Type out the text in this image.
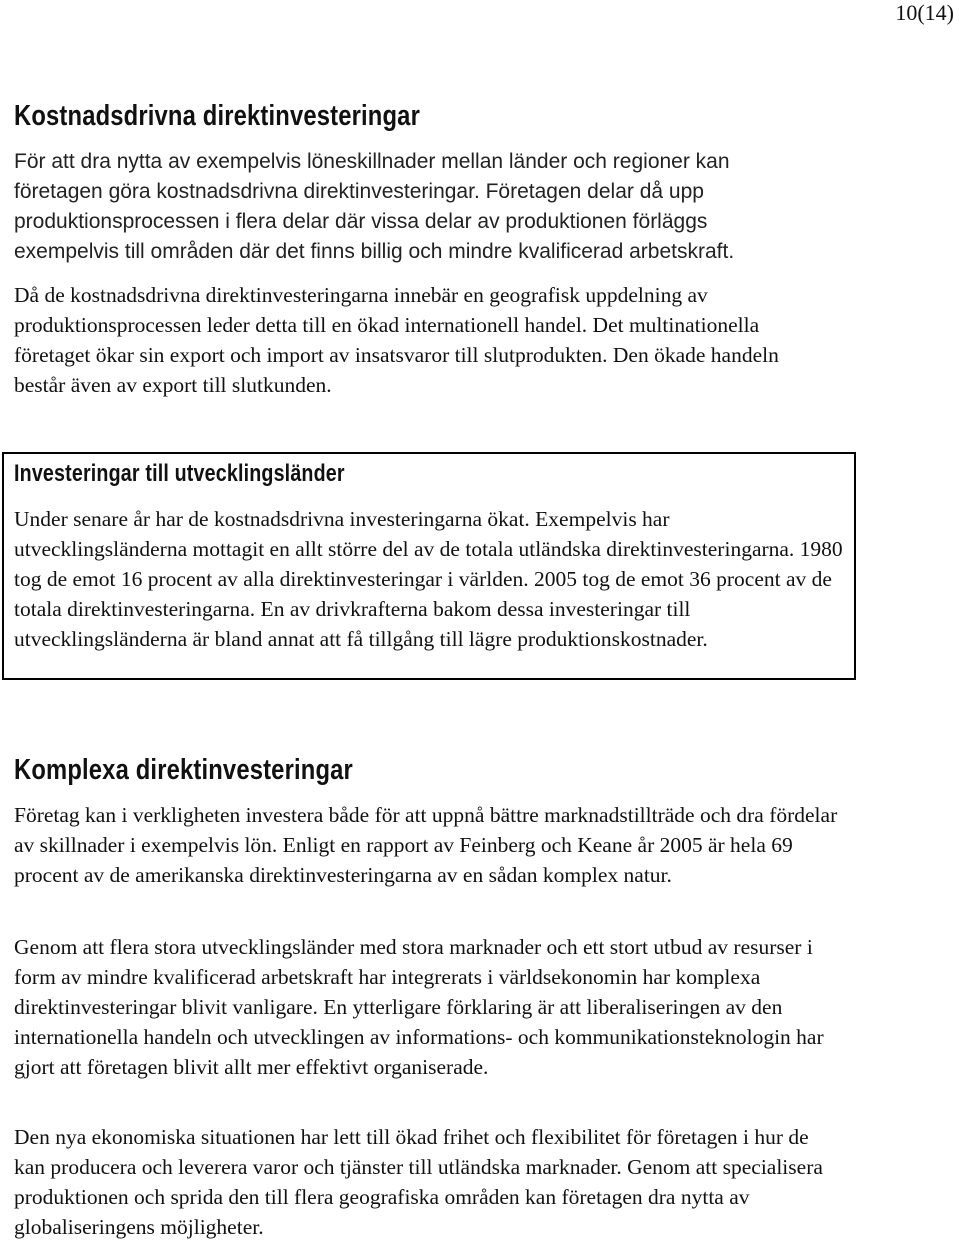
10(14)
Kostnadsdrivna direktinvesteringar

För att dra nytta av exempelvis löneskillnader mellan länder och regioner kan företagen göra kostnadsdrivna direktinvesteringar. Företagen delar då upp produktionsprocessen i flera delar där vissa delar av produktionen förläggs exempelvis till områden där det finns billig och mindre kvalificerad arbetskraft.

Då de kostnadsdrivna direktinvesteringarna innebär en geografisk uppdelning av produktionsprocessen leder detta till en ökad internationell handel. Det multinationella företaget ökar sin export och import av insatsvaror till slutprodukten. Den ökade handeln består även av export till slutkunden.

Investeringar till utvecklingsländer

Under senare år har de kostnadsdrivna investeringarna ökat. Exempelvis har utvecklingsländerna mottagit en allt större del av de totala utländska direktinvesteringarna. 1980 tog de emot 16 procent av alla direktinvesteringar i världen. 2005 tog de emot 36 procent av de totala direktinvesteringarna. En av drivkrafterna bakom dessa investeringar till utvecklingsländerna är bland annat att få tillgång till lägre produktionskostnader.

Komplexa direktinvesteringar

Företag kan i verkligheten investera både för att uppnå bättre marknadstillträde och dra fördelar av skillnader i exempelvis lön. Enligt en rapport av Feinberg och Keane år 2005 är hela 69 procent av de amerikanska direktinvesteringarna av en sådan komplex natur.

Genom att flera stora utvecklingsländer med stora marknader och ett stort utbud av resurser i form av mindre kvalificerad arbetskraft har integrerats i världsekonomin har komplexa direktinvesteringar blivit vanligare. En ytterligare förklaring är att liberaliseringen av den internationella handeln och utvecklingen av informations- och kommunikationsteknologin har gjort att företagen blivit allt mer effektivt organiserade.

Den nya ekonomiska situationen har lett till ökad frihet och flexibilitet för företagen i hur de kan producera och leverera varor och tjänster till utländska marknader. Genom att specialisera produktionen och sprida den till flera geografiska områden kan företagen dra nytta av globaliseringens möjligheter.
